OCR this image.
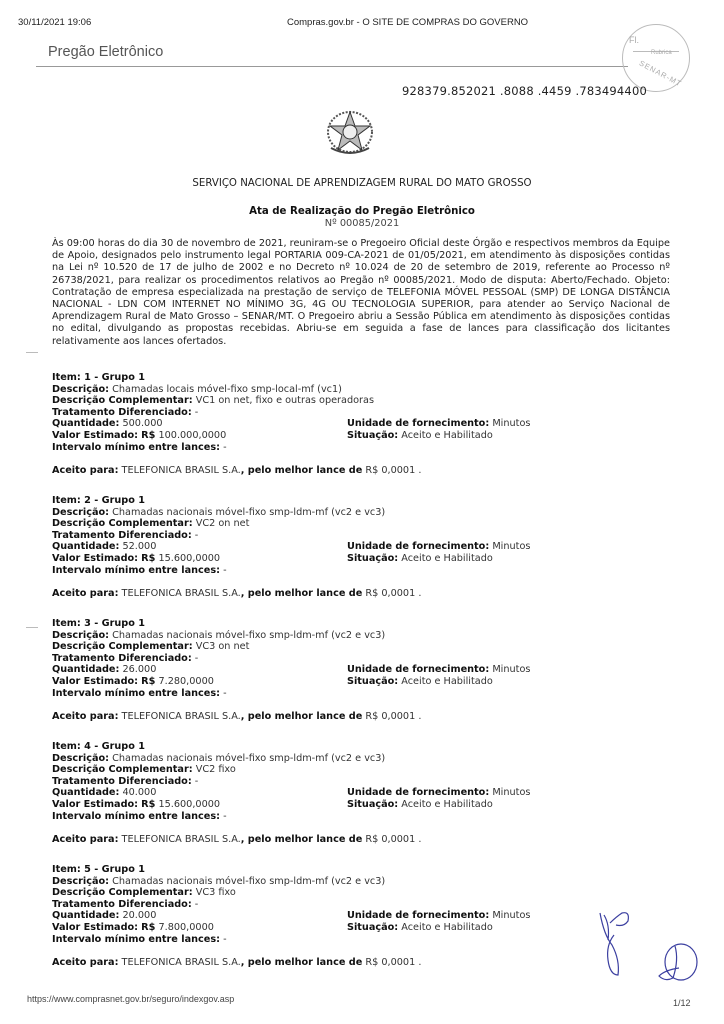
30/11/2021 19:06	Compras.gov.br - O SITE DE COMPRAS DO GOVERNO
Pregão Eletrônico
Fl.
Rubrica
SENAR-MT
928379.852021 .8088 .4459 .783494400
SERVIÇO NACIONAL DE APRENDIZAGEM RURAL DO MATO GROSSO
Ata de Realização do Pregão Eletrônico
Nº 00085/2021
Às 09:00 horas do dia 30 de novembro de 2021, reuniram-se o Pregoeiro Oficial deste Órgão e respectivos membros da Equipe de Apoio, designados pelo instrumento legal PORTARIA 009-CA-2021 de 01/05/2021, em atendimento às disposições contidas na Lei nº 10.520 de 17 de julho de 2002 e no Decreto nº 10.024 de 20 de setembro de 2019, referente ao Processo nº 26738/2021, para realizar os procedimentos relativos ao Pregão nº 00085/2021. Modo de disputa: Aberto/Fechado. Objeto: Contratação de empresa especializada na prestação de serviço de TELEFONIA MÓVEL PESSOAL (SMP) DE LONGA DISTÂNCIA NACIONAL - LDN COM INTERNET NO MÍNIMO 3G, 4G OU TECNOLOGIA SUPERIOR, para atender ao Serviço Nacional de Aprendizagem Rural de Mato Grosso – SENAR/MT. O Pregoeiro abriu a Sessão Pública em atendimento às disposições contidas no edital, divulgando as propostas recebidas. Abriu-se em seguida a fase de lances para classificação dos licitantes relativamente aos lances ofertados.
Item: 1 - Grupo 1
Descrição: Chamadas locais móvel-fixo smp-local-mf (vc1)
Descrição Complementar: VC1 on net, fixo e outras operadoras
Tratamento Diferenciado: -
Quantidade: 500.000	Unidade de fornecimento: Minutos
Valor Estimado: R$ 100.000,0000	Situação: Aceito e Habilitado
Intervalo mínimo entre lances: -
Aceito para: TELEFONICA BRASIL S.A., pelo melhor lance de R$ 0,0001 .
Item: 2 - Grupo 1
Descrição: Chamadas nacionais móvel-fixo smp-ldm-mf (vc2 e vc3)
Descrição Complementar: VC2 on net
Tratamento Diferenciado: -
Quantidade: 52.000	Unidade de fornecimento: Minutos
Valor Estimado: R$ 15.600,0000	Situação: Aceito e Habilitado
Intervalo mínimo entre lances: -
Aceito para: TELEFONICA BRASIL S.A., pelo melhor lance de R$ 0,0001 .
Item: 3 - Grupo 1
Descrição: Chamadas nacionais móvel-fixo smp-ldm-mf (vc2 e vc3)
Descrição Complementar: VC3 on net
Tratamento Diferenciado: -
Quantidade: 26.000	Unidade de fornecimento: Minutos
Valor Estimado: R$ 7.280,0000	Situação: Aceito e Habilitado
Intervalo mínimo entre lances: -
Aceito para: TELEFONICA BRASIL S.A., pelo melhor lance de R$ 0,0001 .
Item: 4 - Grupo 1
Descrição: Chamadas nacionais móvel-fixo smp-ldm-mf (vc2 e vc3)
Descrição Complementar: VC2 fixo
Tratamento Diferenciado: -
Quantidade: 40.000	Unidade de fornecimento: Minutos
Valor Estimado: R$ 15.600,0000	Situação: Aceito e Habilitado
Intervalo mínimo entre lances: -
Aceito para: TELEFONICA BRASIL S.A., pelo melhor lance de R$ 0,0001 .
Item: 5 - Grupo 1
Descrição: Chamadas nacionais móvel-fixo smp-ldm-mf (vc2 e vc3)
Descrição Complementar: VC3 fixo
Tratamento Diferenciado: -
Quantidade: 20.000	Unidade de fornecimento: Minutos
Valor Estimado: R$ 7.800,0000	Situação: Aceito e Habilitado
Intervalo mínimo entre lances: -
Aceito para: TELEFONICA BRASIL S.A., pelo melhor lance de R$ 0,0001 .
https://www.comprasnet.gov.br/seguro/indexgov.asp	1/12
